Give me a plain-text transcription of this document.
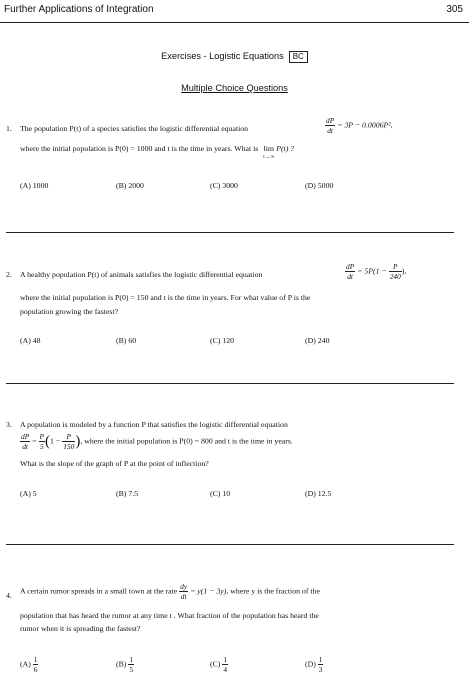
Further Applications of Integration	305
Exercises - Logistic Equations BC
Multiple Choice Questions
1. The population P(t) of a species satisfies the logistic differential equation	$\frac{dP}{dt} = 3P - 0.0006P^2$,
where the initial population is P(0) = 1000 and t is the time in years. What is lim
t→∞
P(t) ?
(A) 1000	(B) 2000	(C) 3000	(D) 5000
2. A healthy population P(t) of animals satisfies the logistic differential equation	$\frac{dP}{dt} = 5P(1 - \frac{P}{240}$ ),
where the initial population is P(0) = 150 and t is the time in years. For what value of P is the
population growing the fastest?
(A) 48	(B) 60	(C) 120	(D) 240
3. A population is modeled by a function P that satisfies the logistic differential equation
$\frac{dP}{dt} = \frac{P}{5} (1 - \frac{P}{150}$ ), where the initial population is P(0) = 800 and t is the time in years.
What is the slope of the graph of P at the point of inflection?
(A) 5	(B) 7.5	(C) 10	(D) 12.5
4.
A certain rumor spreads in a small town at the rate $\frac{dy}{dt} = y(1 - 3y)$, where y is the fraction of the
population that has heard the rumor at any time t . What fraction of the population has heard the
rumor when it is spreading the fastest?
$(A) \frac{1}{6}$	$(B) \frac{1}{5}$	$(C) \frac{1}{4}$	$(D) \frac{1}{3}$
